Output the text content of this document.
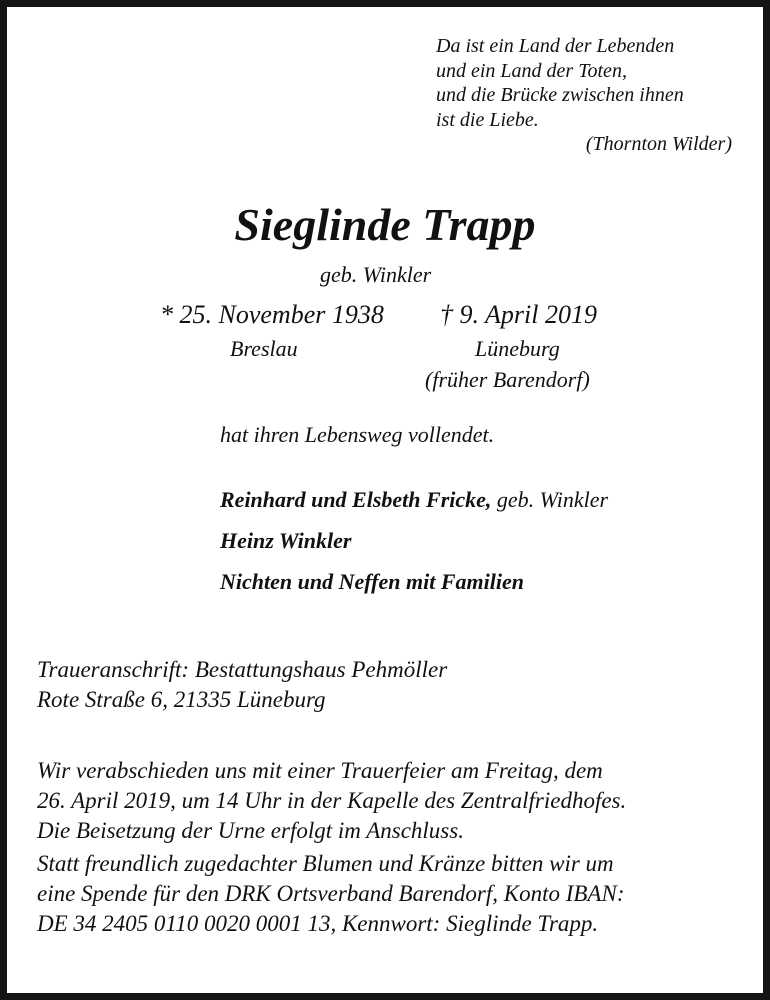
Da ist ein Land der Lebenden
und ein Land der Toten,
und die Brücke zwischen ihnen
ist die Liebe.
(Thornton Wilder)
Sieglinde Trapp
geb. Winkler
* 25. November 1938 † 9. April 2019
Breslau	Lüneburg
(früher Barendorf)
hat ihren Lebensweg vollendet.
Reinhard und Elsbeth Fricke, geb. Winkler
Heinz Winkler
Nichten und Neffen mit Familien
Traueranschrift: Bestattungshaus Pehmöller
Rote Straße 6, 21335 Lüneburg
Wir verabschieden uns mit einer Trauerfeier am Freitag, dem
26. April 2019, um 14 Uhr in der Kapelle des Zentralfriedhofes.
Die Beisetzung der Urne erfolgt im Anschluss.
Statt freundlich zugedachter Blumen und Kränze bitten wir um
eine Spende für den DRK Ortsverband Barendorf, Konto IBAN:
DE 34 2405 0110 0020 0001 13, Kennwort: Sieglinde Trapp.
